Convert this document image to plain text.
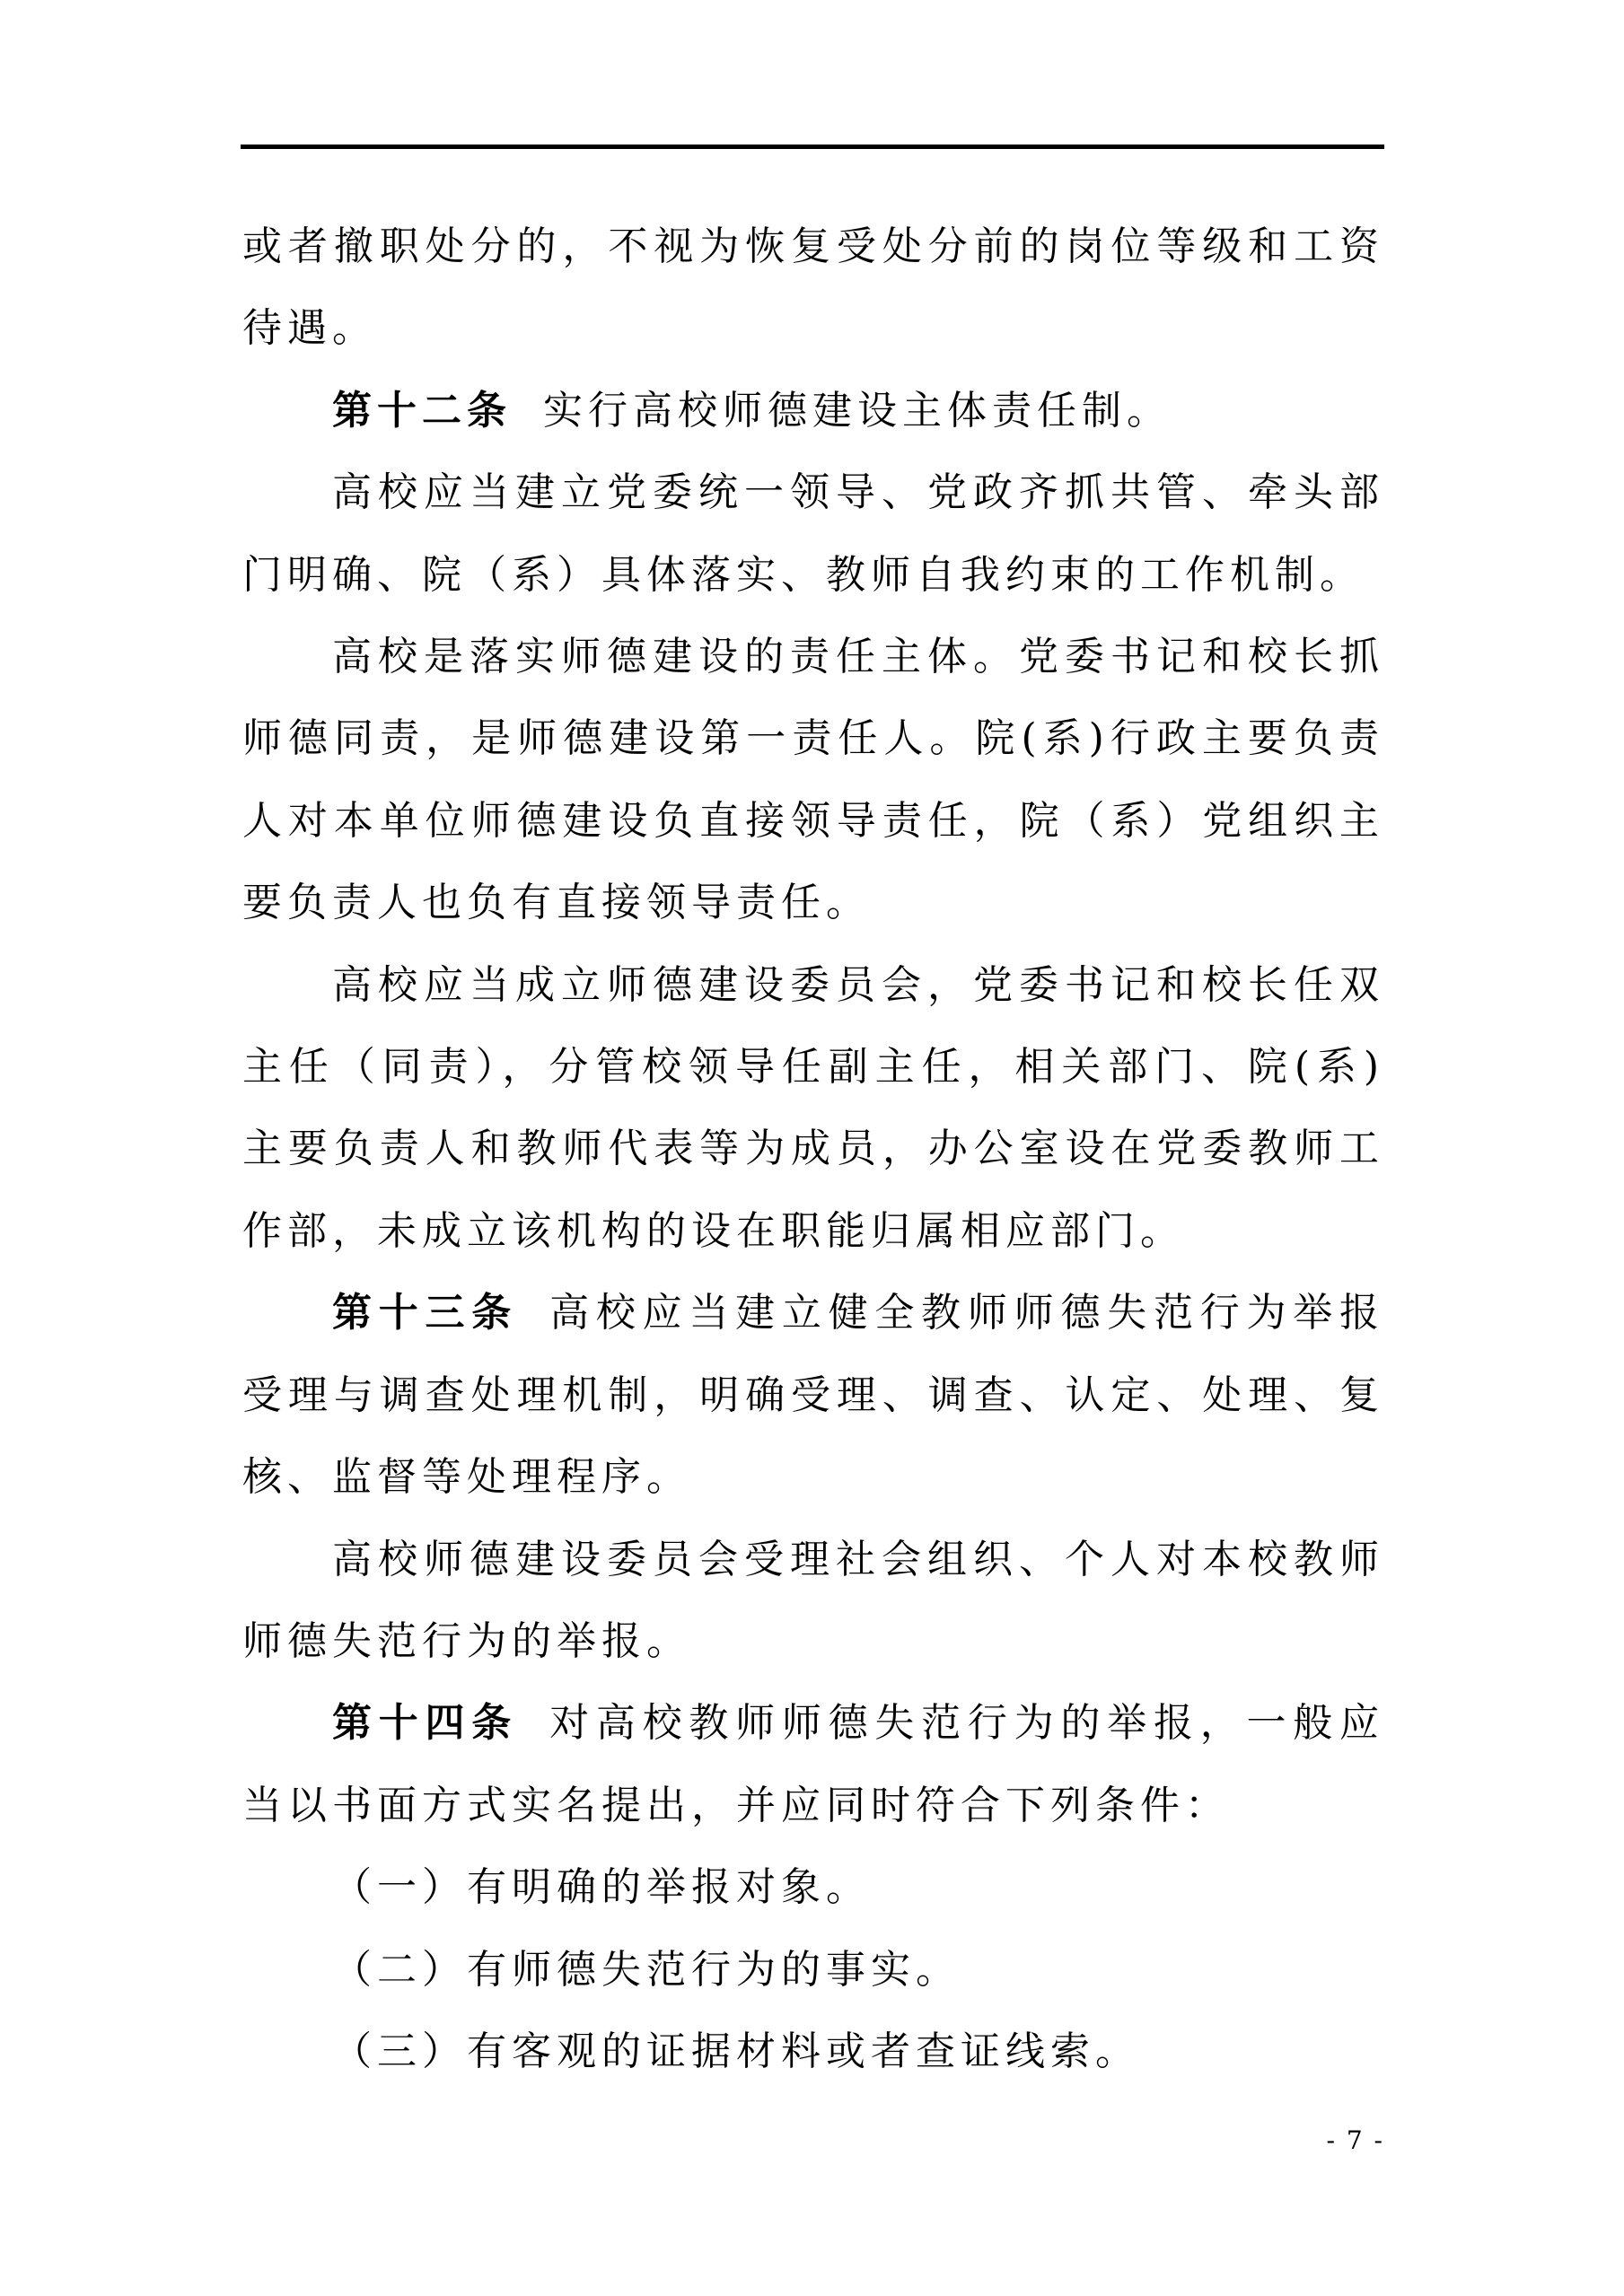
或者撤职处分的，不视为恢复受处分前的岗位等级和工资待遇。

第十二条 实行高校师德建设主体责任制。

高校应当建立党委统一领导、党政齐抓共管、牵头部门明确、院（系）具体落实、教师自我约束的工作机制。

高校是落实师德建设的责任主体。党委书记和校长抓师德同责，是师德建设第一责任人。院(系)行政主要负责人对本单位师德建设负直接领导责任，院（系）党组织主要负责人也负有直接领导责任。

高校应当成立师德建设委员会，党委书记和校长任双主任（同责），分管校领导任副主任，相关部门、院(系)主要负责人和教师代表等为成员，办公室设在党委教师工作部，未成立该机构的设在职能归属相应部门。

第十三条 高校应当建立健全教师师德失范行为举报受理与调查处理机制，明确受理、调查、认定、处理、复核、监督等处理程序。

高校师德建设委员会受理社会组织、个人对本校教师师德失范行为的举报。

第十四条 对高校教师师德失范行为的举报，一般应当以书面方式实名提出，并应同时符合下列条件：

（一）有明确的举报对象。

（二）有师德失范行为的事实。

（三）有客观的证据材料或者查证线索。

- 7 -
